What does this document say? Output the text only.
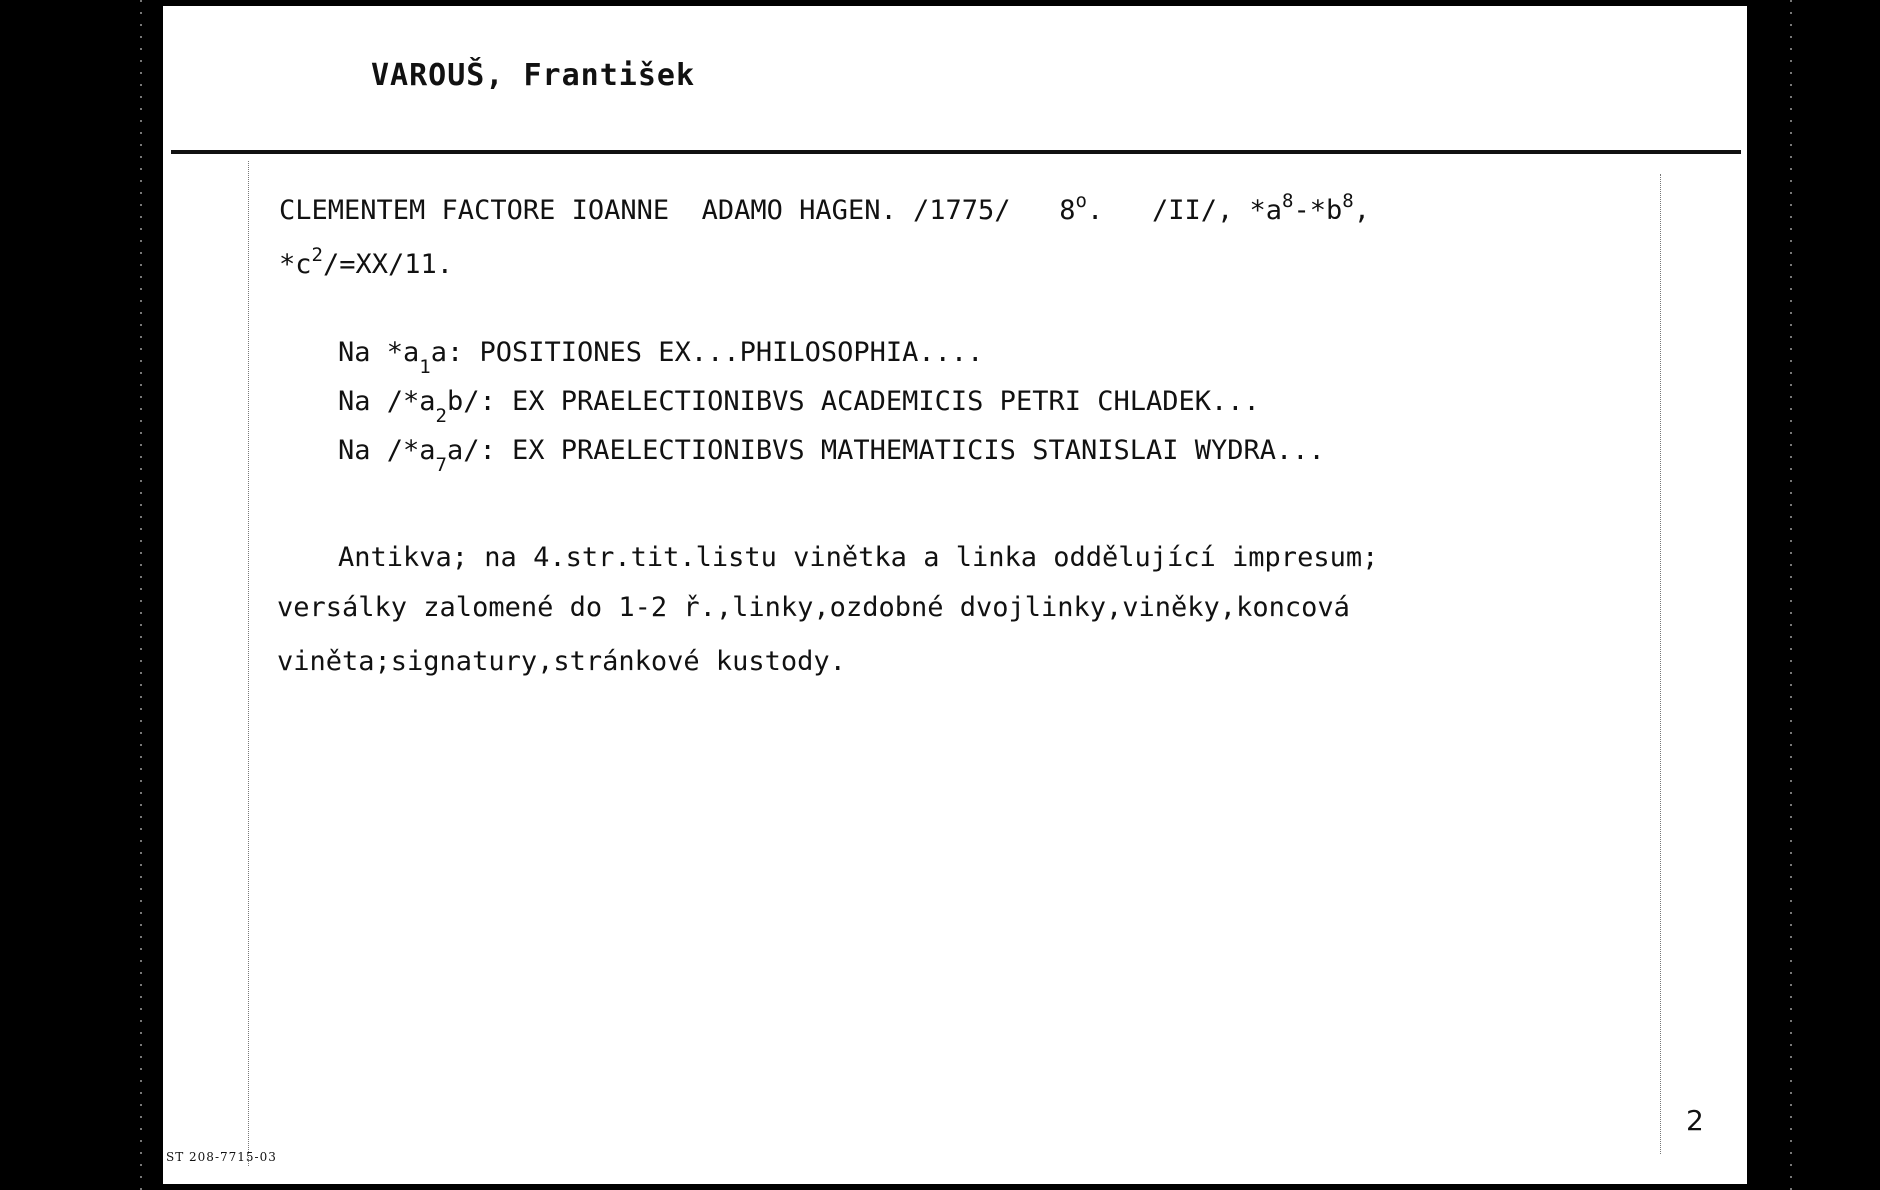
VAROUŠ, František
CLEMENTEM FACTORE IOANNE  ADAMO HAGEN. /1775/   8$^o$.   /II/, $*a^8-*b^8$,
$*c^2/=XX/11$.
Na $*a_1a$: POSITIONES EX...PHILOSOPHIA....
Na $/*a_2b/$: EX PRAELECTIONIBVS ACADEMICIS PETRI CHLADEK...
Na $/*a_7a/$: EX PRAELECTIONIBVS MATHEMATICIS STANISLAI WYDRA...
Antikva; na 4.str.tit.listu vinětka a linka oddělující impresum;
versálky zalomené do 1-2 ř.,linky,ozdobné dvojlinky,viněky,koncová
viněta;signatury,stránkové kustody.
2
ST 208-7715-03
